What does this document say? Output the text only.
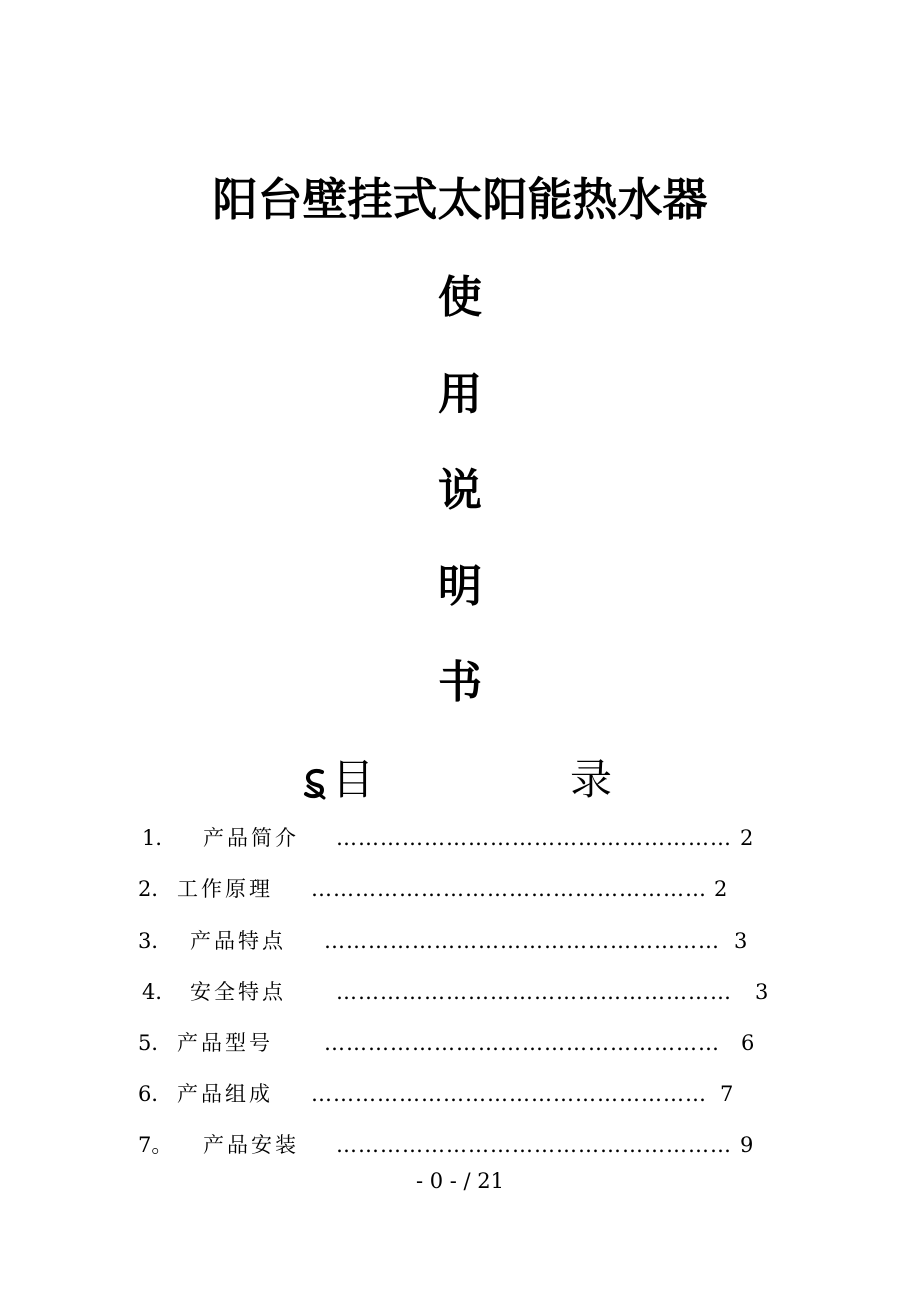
阳台壁挂式太阳能热水器
使
用
说
明
书
目	录
1． 产品简介 ……………………………………………… 2
2． 工作原理 ……………………………………………… 2
3． 产品特点 ……………………………………………… 3
4． 安全特点 ……………………………………………… 3
5． 产品型号 ……………………………………………… 6
6． 产品组成 ……………………………………………… 7
7。 产品安装 ……………………………………………… 9
- 0 - / 21
